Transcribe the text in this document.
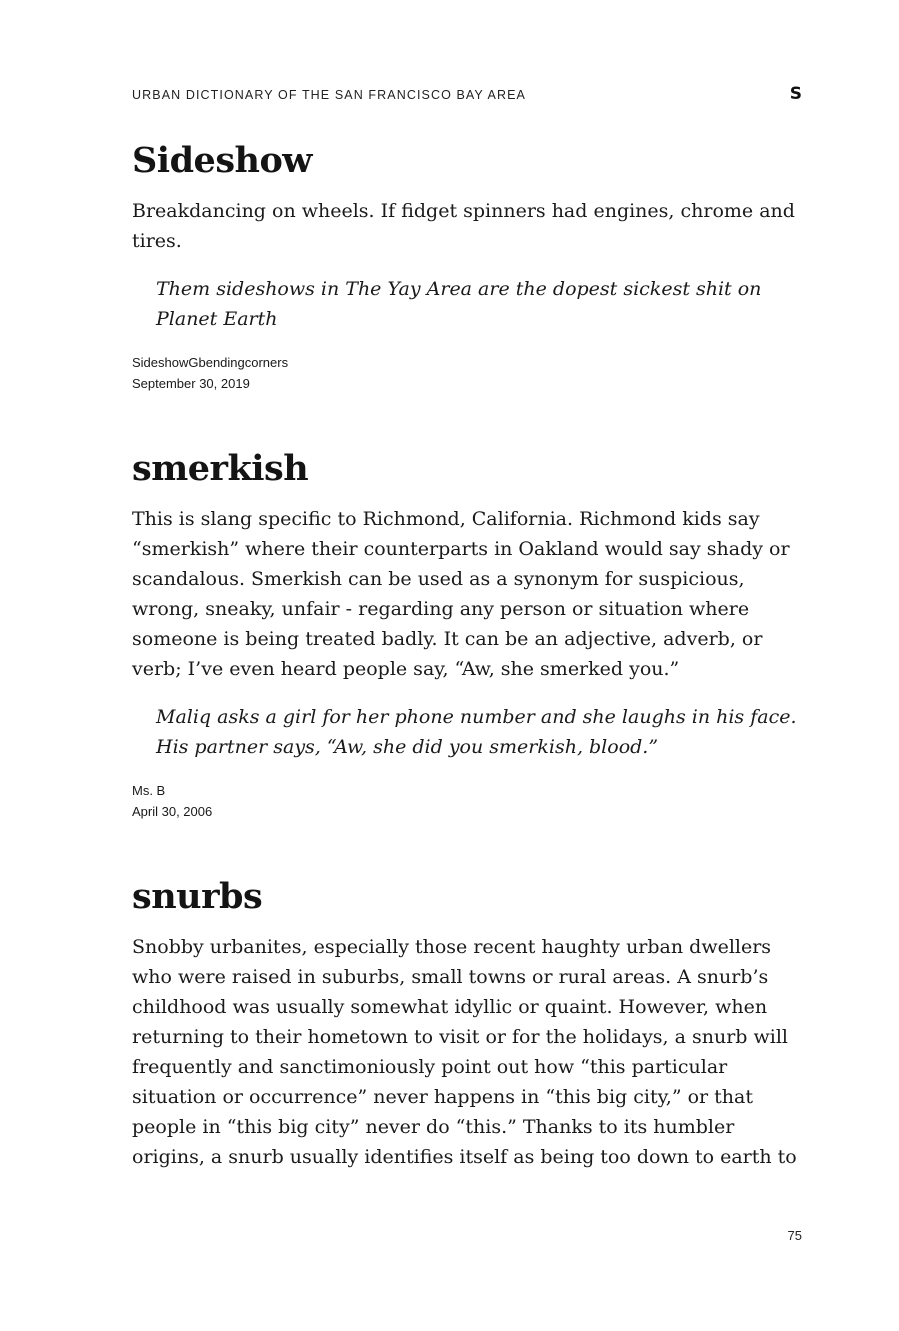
URBAN DICTIONARY OF THE SAN FRANCISCO BAY AREA	S
Sideshow

Breakdancing on wheels. If fidget spinners had engines, chrome and tires.

Them sideshows in The Yay Area are the dopest sickest shit on Planet Earth

SideshowGbendingcorners
September 30, 2019
smerkish

This is slang specific to Richmond, California. Richmond kids say “smerkish” where their counterparts in Oakland would say shady or scandalous. Smerkish can be used as a synonym for suspicious, wrong, sneaky, unfair - regarding any person or situation where someone is being treated badly. It can be an adjective, adverb, or verb; I’ve even heard people say, “Aw, she smerked you.”

Maliq asks a girl for her phone number and she laughs in his face. His partner says, “Aw, she did you smerkish, blood.”

Ms. B
April 30, 2006
snurbs

Snobby urbanites, especially those recent haughty urban dwellers who were raised in suburbs, small towns or rural areas. A snurb’s childhood was usually somewhat idyllic or quaint. However, when returning to their hometown to visit or for the holidays, a snurb will frequently and sanctimoniously point out how “this particular situation or occurrence” never happens in “this big city,” or that people in “this big city” never do “this.” Thanks to its humbler origins, a snurb usually identifies itself as being too down to earth to

75
